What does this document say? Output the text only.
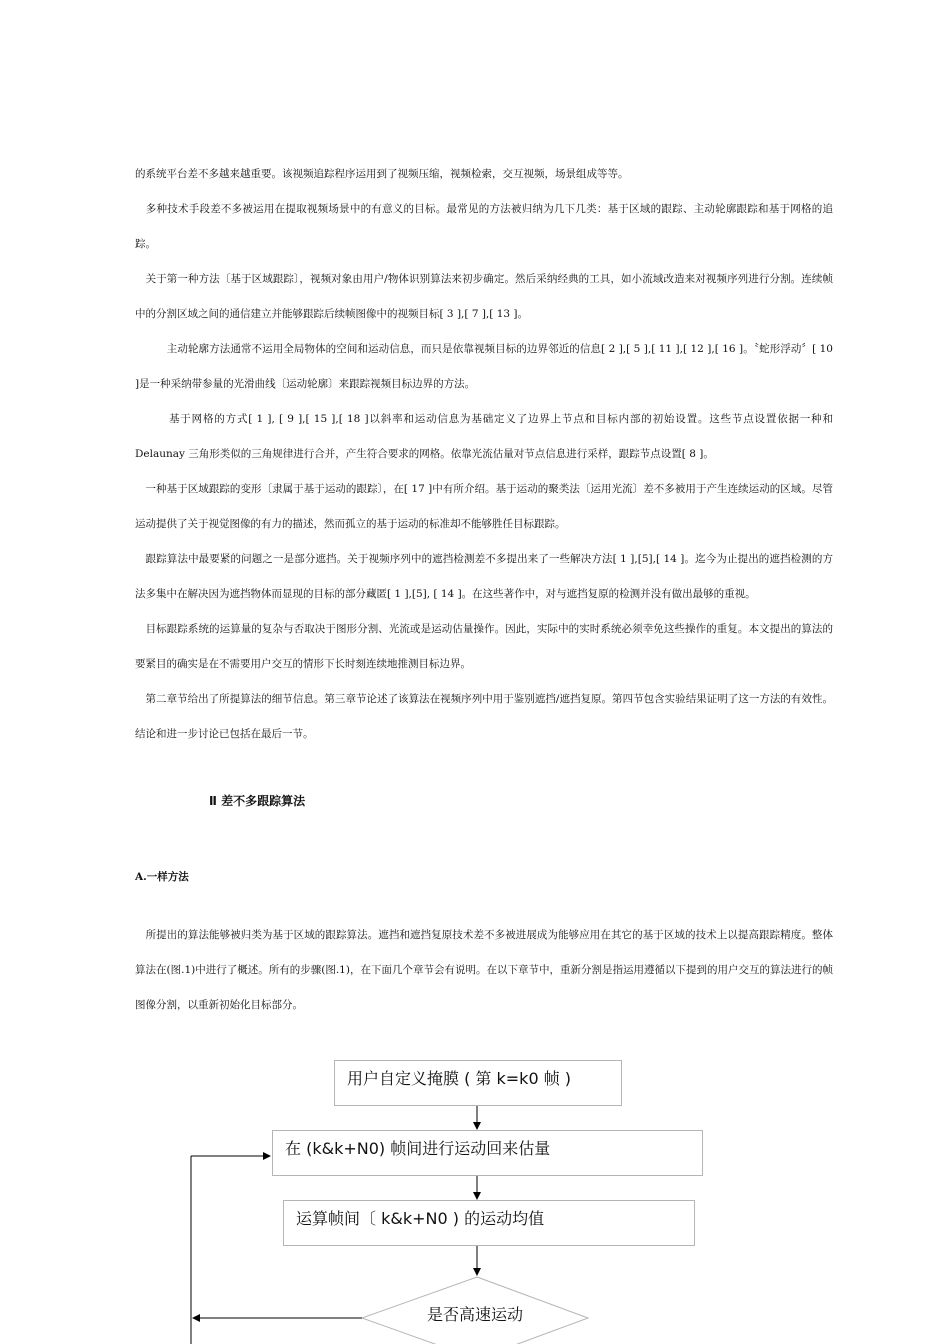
的系统平台差不多越来越重要。该视频追踪程序运用到了视频压缩，视频检索，交互视频，场景组成等等。

　多种技术手段差不多被运用在提取视频场景中的有意义的目标。最常见的方法被归纳为几下几类：基于区域的跟踪、主动轮廓跟踪和基于网格的追踪。

　关于第一种方法〔基于区域跟踪〕，视频对象由用户/物体识别算法来初步确定。然后采纳经典的工具，如小流域改造来对视频序列进行分割。连续帧中的分割区域之间的通信建立并能够跟踪后续帧图像中的视频目标[ 3 ],[ 7 ],[ 13 ]。

　　　主动轮廓方法通常不运用全局物体的空间和运动信息，而只是依靠视频目标的边界邻近的信息[ 2 ],[ 5 ],[ 11 ],[ 12 ],[ 16 ]。〝蛇形浮动〞[ 10 ]是一种采纳带参量的光滑曲线〔运动轮廓〕来跟踪视频目标边界的方法。

　　　基于网格的方式[ 1 ], [ 9 ],[ 15 ],[ 18 ]以斜率和运动信息为基础定义了边界上节点和目标内部的初始设置。这些节点设置依据一种和 Delaunay 三角形类似的三角规律进行合并，产生符合要求的网格。依靠光流估量对节点信息进行采样，跟踪节点设置[ 8 ]。

　一种基于区域跟踪的变形〔隶属于基于运动的跟踪〕，在[ 17 ]中有所介绍。基于运动的聚类法〔运用光流〕差不多被用于产生连续运动的区域。尽管运动提供了关于视觉图像的有力的描述，然而孤立的基于运动的标准却不能够胜任目标跟踪。

　跟踪算法中最要紧的问题之一是部分遮挡。关于视频序列中的遮挡检测差不多提出来了一些解决方法[ 1 ],[5],[ 14 ]。迄今为止提出的遮挡检测的方法多集中在解决因为遮挡物体而显现的目标的部分藏匿[ 1 ],[5], [ 14 ]。在这些著作中，对与遮挡复原的检测并没有做出最够的重视。

　目标跟踪系统的运算量的复杂与否取决于图形分割、光流或是运动估量操作。因此，实际中的实时系统必须幸免这些操作的重复。本文提出的算法的要紧目的确实是在不需要用户交互的情形下长时刻连续地推测目标边界。

　第二章节给出了所提算法的细节信息。第三章节论述了该算法在视频序列中用于鉴别遮挡/遮挡复原。第四节包含实验结果证明了这一方法的有效性。结论和进一步讨论已包括在最后一节。

Ⅱ 差不多跟踪算法
A.一样方法

　所提出的算法能够被归类为基于区域的跟踪算法。遮挡和遮挡复原技术差不多被进展成为能够应用在其它的基于区域的技术上以提高跟踪精度。整体算法在(图.1)中进行了概述。所有的步骤(图.1)，在下面几个章节会有说明。在以下章节中，重新分割是指运用遵循以下提到的用户交互的算法进行的帧图像分割，以重新初始化目标部分。

用户自定义掩膜 ( 第 k=k0 帧 )
在 (k&k+N0) 帧间进行运动回来估量
运算帧间〔 k&k+N0 ) 的运动均值
是否高速运动
